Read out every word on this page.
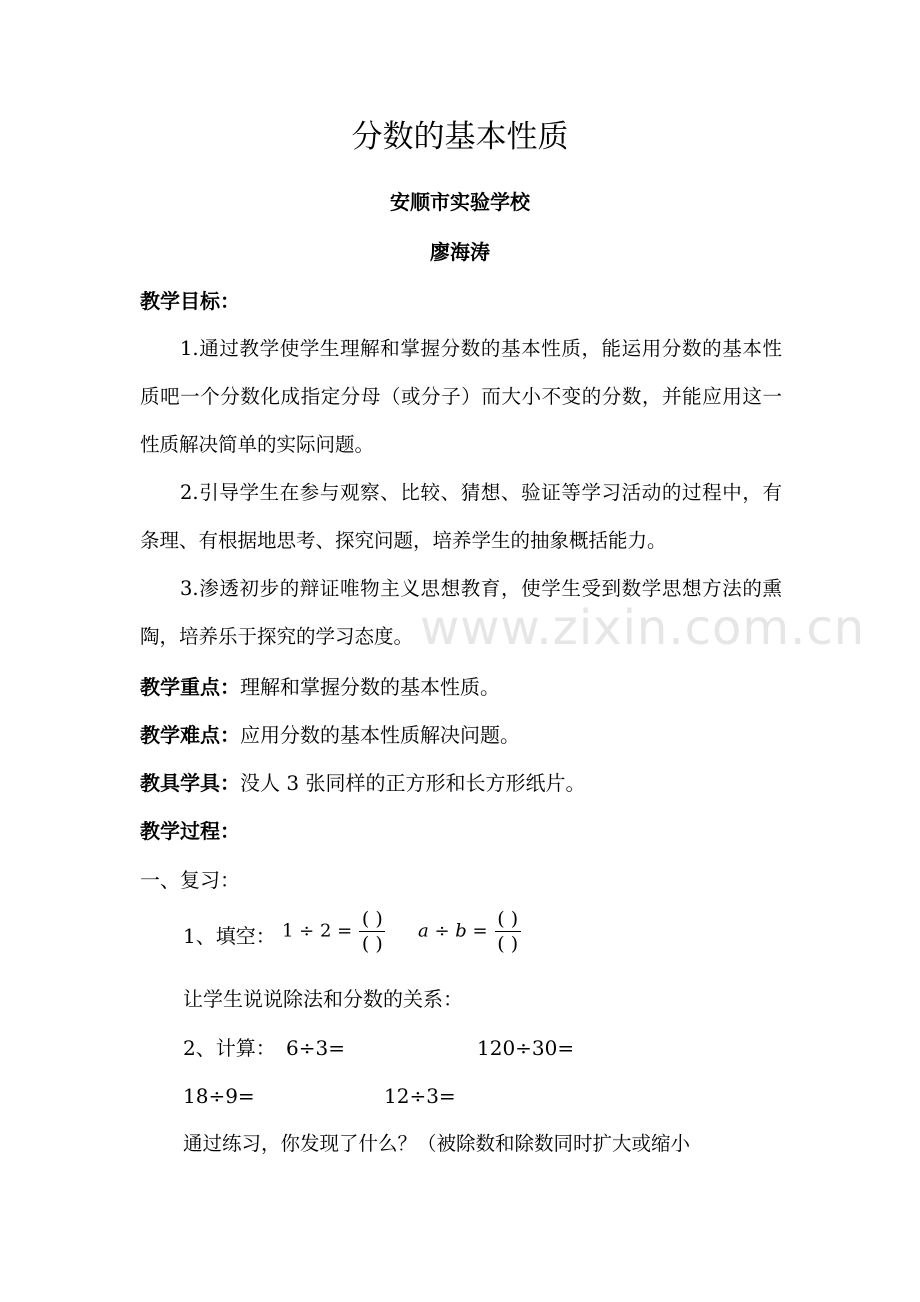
www.zixin.com.cn
分数的基本性质
安顺市实验学校
廖海涛
教学目标：
1.通过教学使学生理解和掌握分数的基本性质，能运用分数的基本性质吧一个分数化成指定分母（或分子）而大小不变的分数，并能应用这一性质解决简单的实际问题。
2.引导学生在参与观察、比较、猜想、验证等学习活动的过程中，有条理、有根据地思考、探究问题，培养学生的抽象概括能力。
3.渗透初步的辩证唯物主义思想教育，使学生受到数学思想方法的熏陶，培养乐于探究的学习态度。
教学重点：理解和掌握分数的基本性质。
教学难点：应用分数的基本性质解决问题。
教具学具：没人 3 张同样的正方形和长方形纸片。
教学过程：
一、复习：
1、填空： $1 \div 2 = \frac{( )}{( )}$ $a \div b = \frac{( )}{( )}$
让学生说说除法和分数的关系：
2、计算： 6÷3=	120÷30=
18÷9=	12÷3=
通过练习，你发现了什么？（被除数和除数同时扩大或缩小
